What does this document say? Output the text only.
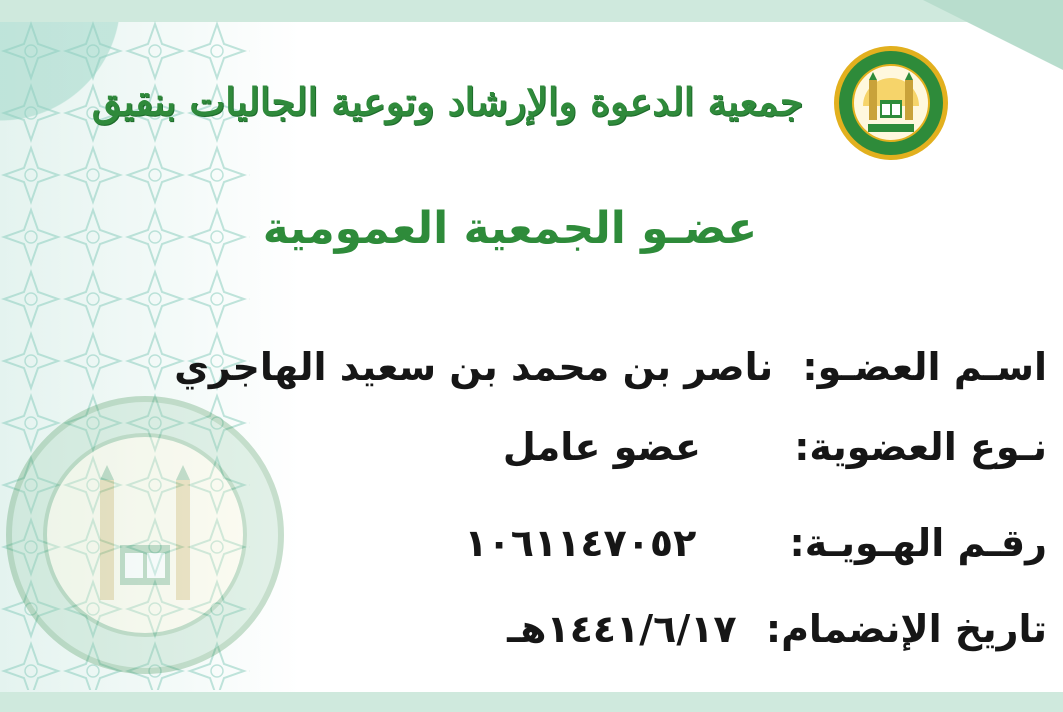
جمعية الدعوة والإرشاد وتوعية الجاليات بنقيق
عضـو الجمعية العمومية
اسـم العضـو: ناصر بن محمد بن سعيد الهاجري
نـوع العضوية: عضو عامل
رقـم الهـويـة: ١٠٦١١٤٧٠٥٢
تاريخ الإنضمام: ١٤٤١/٦/١٧هـ
